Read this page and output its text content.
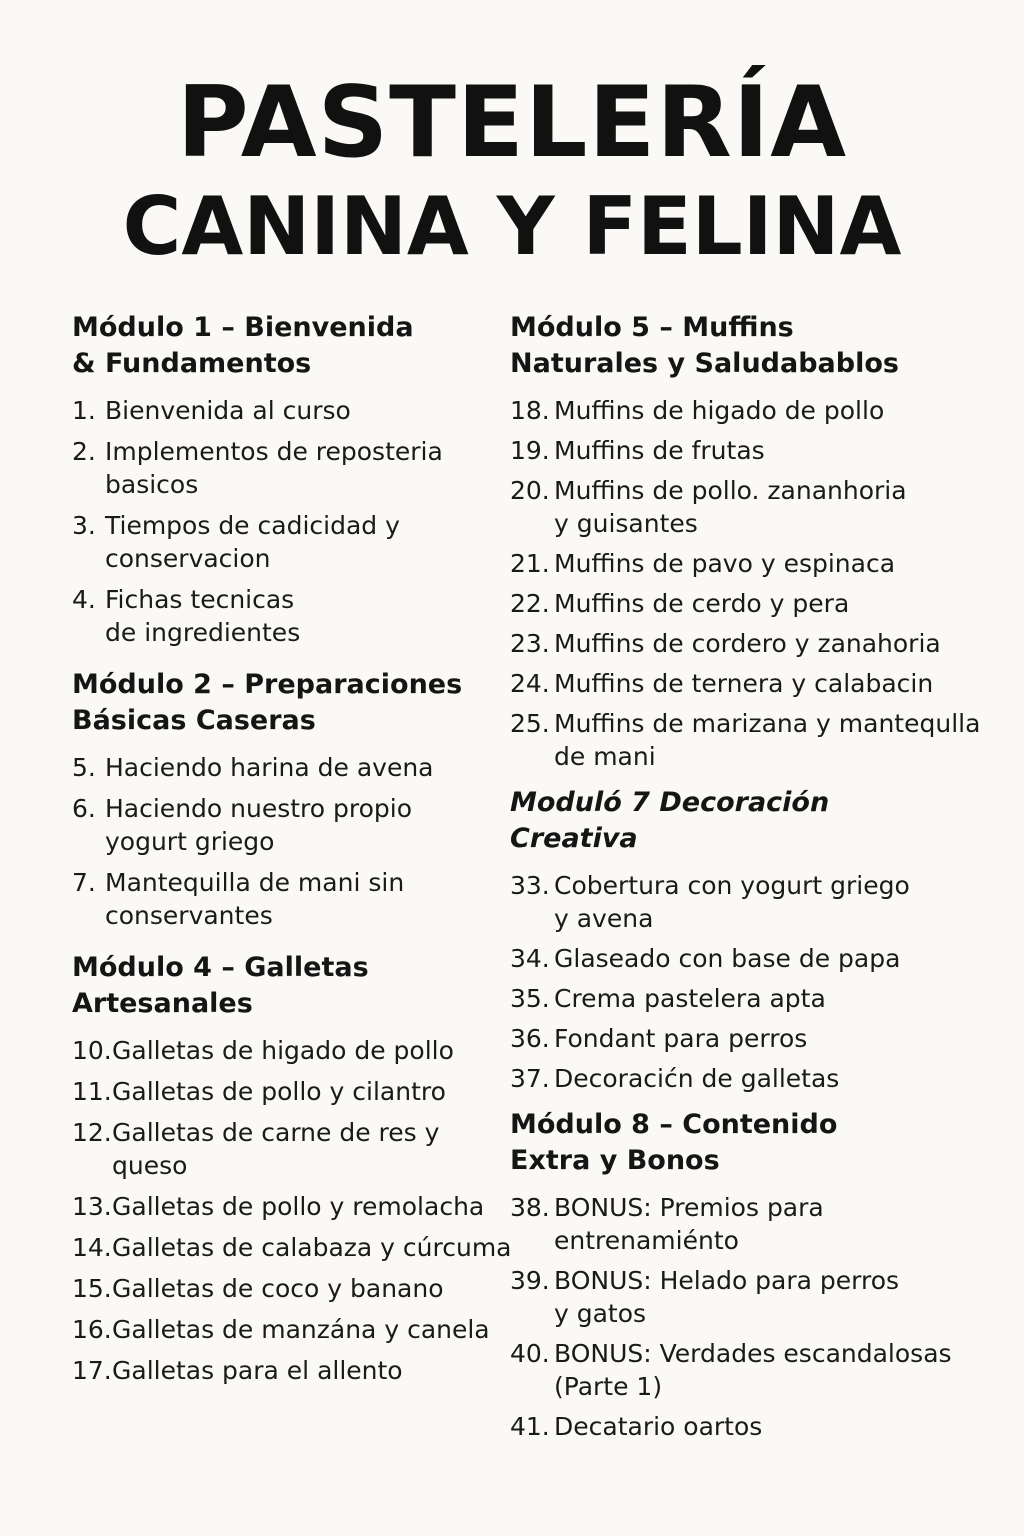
PASTELERÍA
CANINA Y FELINA
Módulo 1 – Bienvenida
& Fundamentos
1. Bienvenida al curso
2. Implementos de reposteria
basicos
3. Tiempos de cadicidad y
conservacion
4. Fichas tecnicas
de ingredientes
Módulo 2 – Preparaciones
Básicas Caseras
5. Haciendo harina de avena
6. Haciendo nuestro propio
yogurt griego
7. Mantequilla de mani sin
conservantes
Módulo 4 – Galletas
Artesanales
10. Galletas de higado de pollo
11. Galletas de pollo y cilantro
12. Galletas de carne de res y
queso
13. Galletas de pollo y remolacha
14. Galletas de calabaza y cúrcuma
15. Galletas de coco y banano
16. Galletas de manzána y canela
17. Galletas para el allento
Módulo 5 – Muffins
Naturales y Saludabablos
18. Muffins de higado de pollo
19. Muffins de frutas
20. Muffins de pollo. zananhoria
y guisantes
21. Muffins de pavo y espinaca
22. Muffins de cerdo y pera
23. Muffins de cordero y zanahoria
24. Muffins de ternera y calabacin
25. Muffins de marizana y mantequlla
de mani
Moduló 7 Decoración
Creativa
33. Cobertura con yogurt griego
y avena
34. Glaseado con base de papa
35. Crema pastelera apta
36. Fondant para perros
37. Decoracićn de galletas
Módulo 8 – Contenido
Extra y Bonos
38. BONUS: Premios para
entrenamiénto
39. BONUS: Helado para perros
y gatos
40. BONUS: Verdades escandalosas
(Parte 1)
41. Decatario oartos
